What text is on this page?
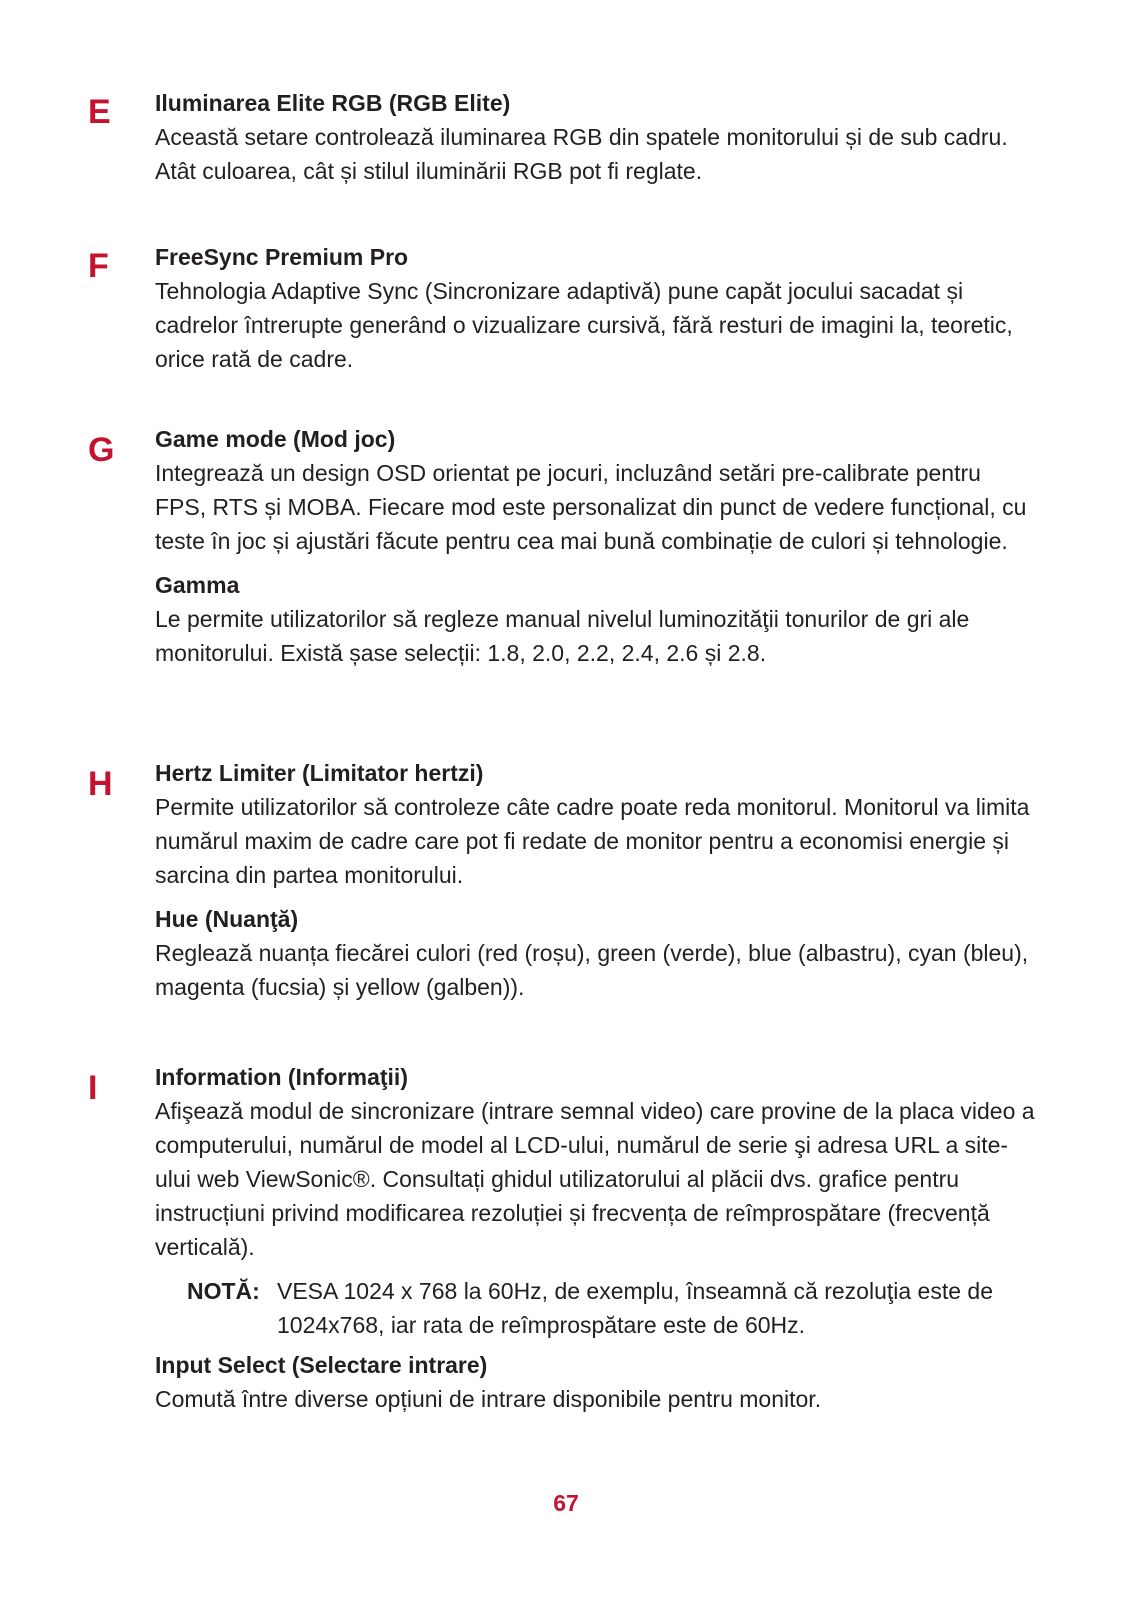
E	Iluminarea Elite RGB (RGB Elite)

Această setare controlează iluminarea RGB din spatele monitorului și de sub cadru. Atât culoarea, cât și stilul iluminării RGB pot fi reglate.

F	FreeSync Premium Pro

Tehnologia Adaptive Sync (Sincronizare adaptivă) pune capăt jocului sacadat și cadrelor întrerupte generând o vizualizare cursivă, fără resturi de imagini la, teoretic, orice rată de cadre.

G	Game mode (Mod joc)

Integrează un design OSD orientat pe jocuri, incluzând setări pre-calibrate pentru FPS, RTS și MOBA. Fiecare mod este personalizat din punct de vedere funcțional, cu teste în joc și ajustări făcute pentru cea mai bună combinație de culori și tehnologie.

Gamma

Le permite utilizatorilor să regleze manual nivelul luminozităţii tonurilor de gri ale monitorului. Există șase selecții: 1.8, 2.0, 2.2, 2.4, 2.6 și 2.8.

H	Hertz Limiter (Limitator hertzi)

Permite utilizatorilor să controleze câte cadre poate reda monitorul. Monitorul va limita numărul maxim de cadre care pot fi redate de monitor pentru a economisi energie și sarcina din partea monitorului.

Hue (Nuanţă)

Reglează nuanța fiecărei culori (red (roșu), green (verde), blue (albastru), cyan (bleu), magenta (fucsia) și yellow (galben)).

I	Information (Informaţii)

Afişează modul de sincronizare (intrare semnal video) care provine de la placa video a computerului, numărul de model al LCD-ului, numărul de serie şi adresa URL a site-ului web ViewSonic®. Consultați ghidul utilizatorului al plăcii dvs. grafice pentru instrucțiuni privind modificarea rezoluției și frecvența de reîmprospătare (frecvență verticală).

NOTĂ: VESA 1024 x 768 la 60Hz, de exemplu, înseamnă că rezoluţia este de 1024x768, iar rata de reîmprospătare este de 60Hz.

Input Select (Selectare intrare)

Comută între diverse opțiuni de intrare disponibile pentru monitor.

67
